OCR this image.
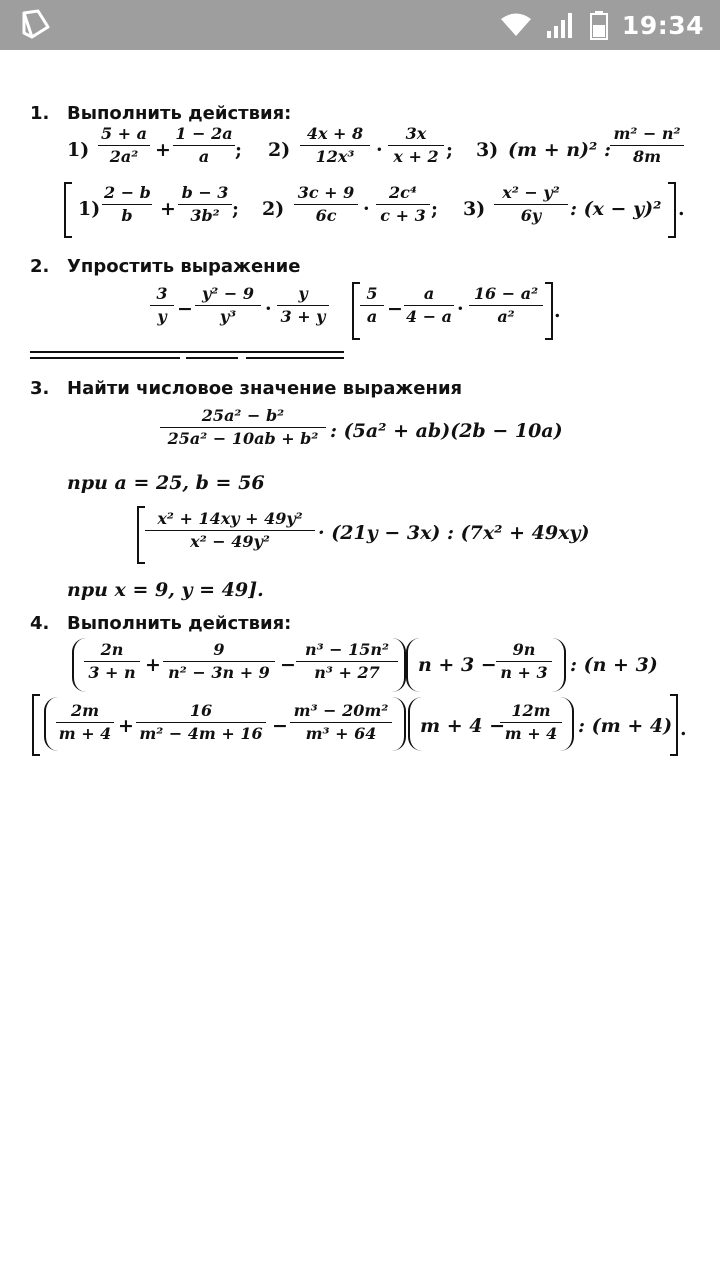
19:34
1. Выполнить действия:
$1) \frac{5 + a}{\text{2a²}} + \frac{1 - 2a}{a}$ ; $2) \frac{4x + 8}{\text{12x³}} \cdot \frac{3x}{x + 2}$ ; 3) (m + n)² : $\frac{\text{m² − n²}}{8m}$
$1) \frac{2 - b}{b} + \frac{b - 3}{\text{3b²}}$ ; $2) \frac{3c + 9}{6c} \cdot \frac{\text{2c⁴}}{c + 3}$ ; $3) \frac{\text{x² − y²}}{6y}$ : (x − y)² .
2. Упростить выражение
$\frac{3}{y} - \frac{\text{y² − 9}}{\text{y³}} \cdot \frac{y}{3 + y} \frac{5}{a} - \frac{a}{4 - a} \cdot \frac{\text{16 − a²}}{\text{a²}}$ .
3. Найти числовое значение выражения
$\frac{\text{25a² − b²}}{\text{25a² − 10ab + b²}}$ : (5a² + ab)(2b − 10a)
при a = 25, b = 56
$\frac{\text{x² + 14xy + 49y²}}{\text{x² − 49y²}} \cdot (21y - 3x)$ : (7x² + 49xy)
при x = 9, y = 49].
4. Выполнить действия:
$\frac{2n}{3 + n} + \frac{9}{\text{n² − 3n + 9}} - \frac{\text{n³ − 15n²}}{\text{n³ + 27}}$ $n + 3 - \frac{9n}{n + 3}$ : (n + 3)
$\frac{2m}{m + 4} + \frac{16}{\text{m² − 4m + 16}} - \frac{\text{m³ − 20m²}}{\text{m³ + 64}}$ m + 4 −
$\frac{12m}{m + 4}$ : (m + 4) .
